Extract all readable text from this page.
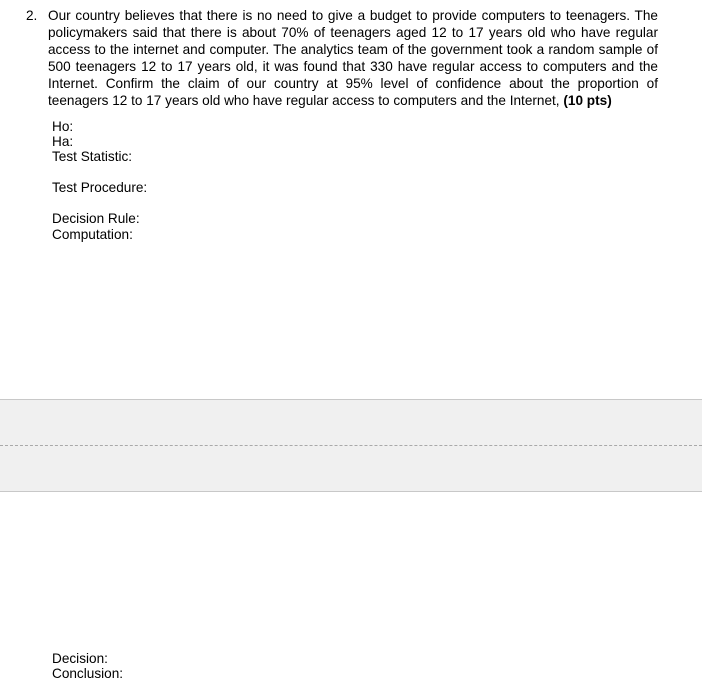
2. Our country believes that there is no need to give a budget to provide computers to teenagers. The policymakers said that there is about 70% of teenagers aged 12 to 17 years old who have regular access to the internet and computer. The analytics team of the government took a random sample of 500 teenagers 12 to 17 years old, it was found that 330 have regular access to computers and the Internet. Confirm the claim of our country at 95% level of confidence about the proportion of teenagers 12 to 17 years old who have regular access to computers and the Internet, (10 pts)
Ho:
Ha:
Test Statistic:
Test Procedure:
Decision Rule:
Computation:
Decision:
Conclusion:
